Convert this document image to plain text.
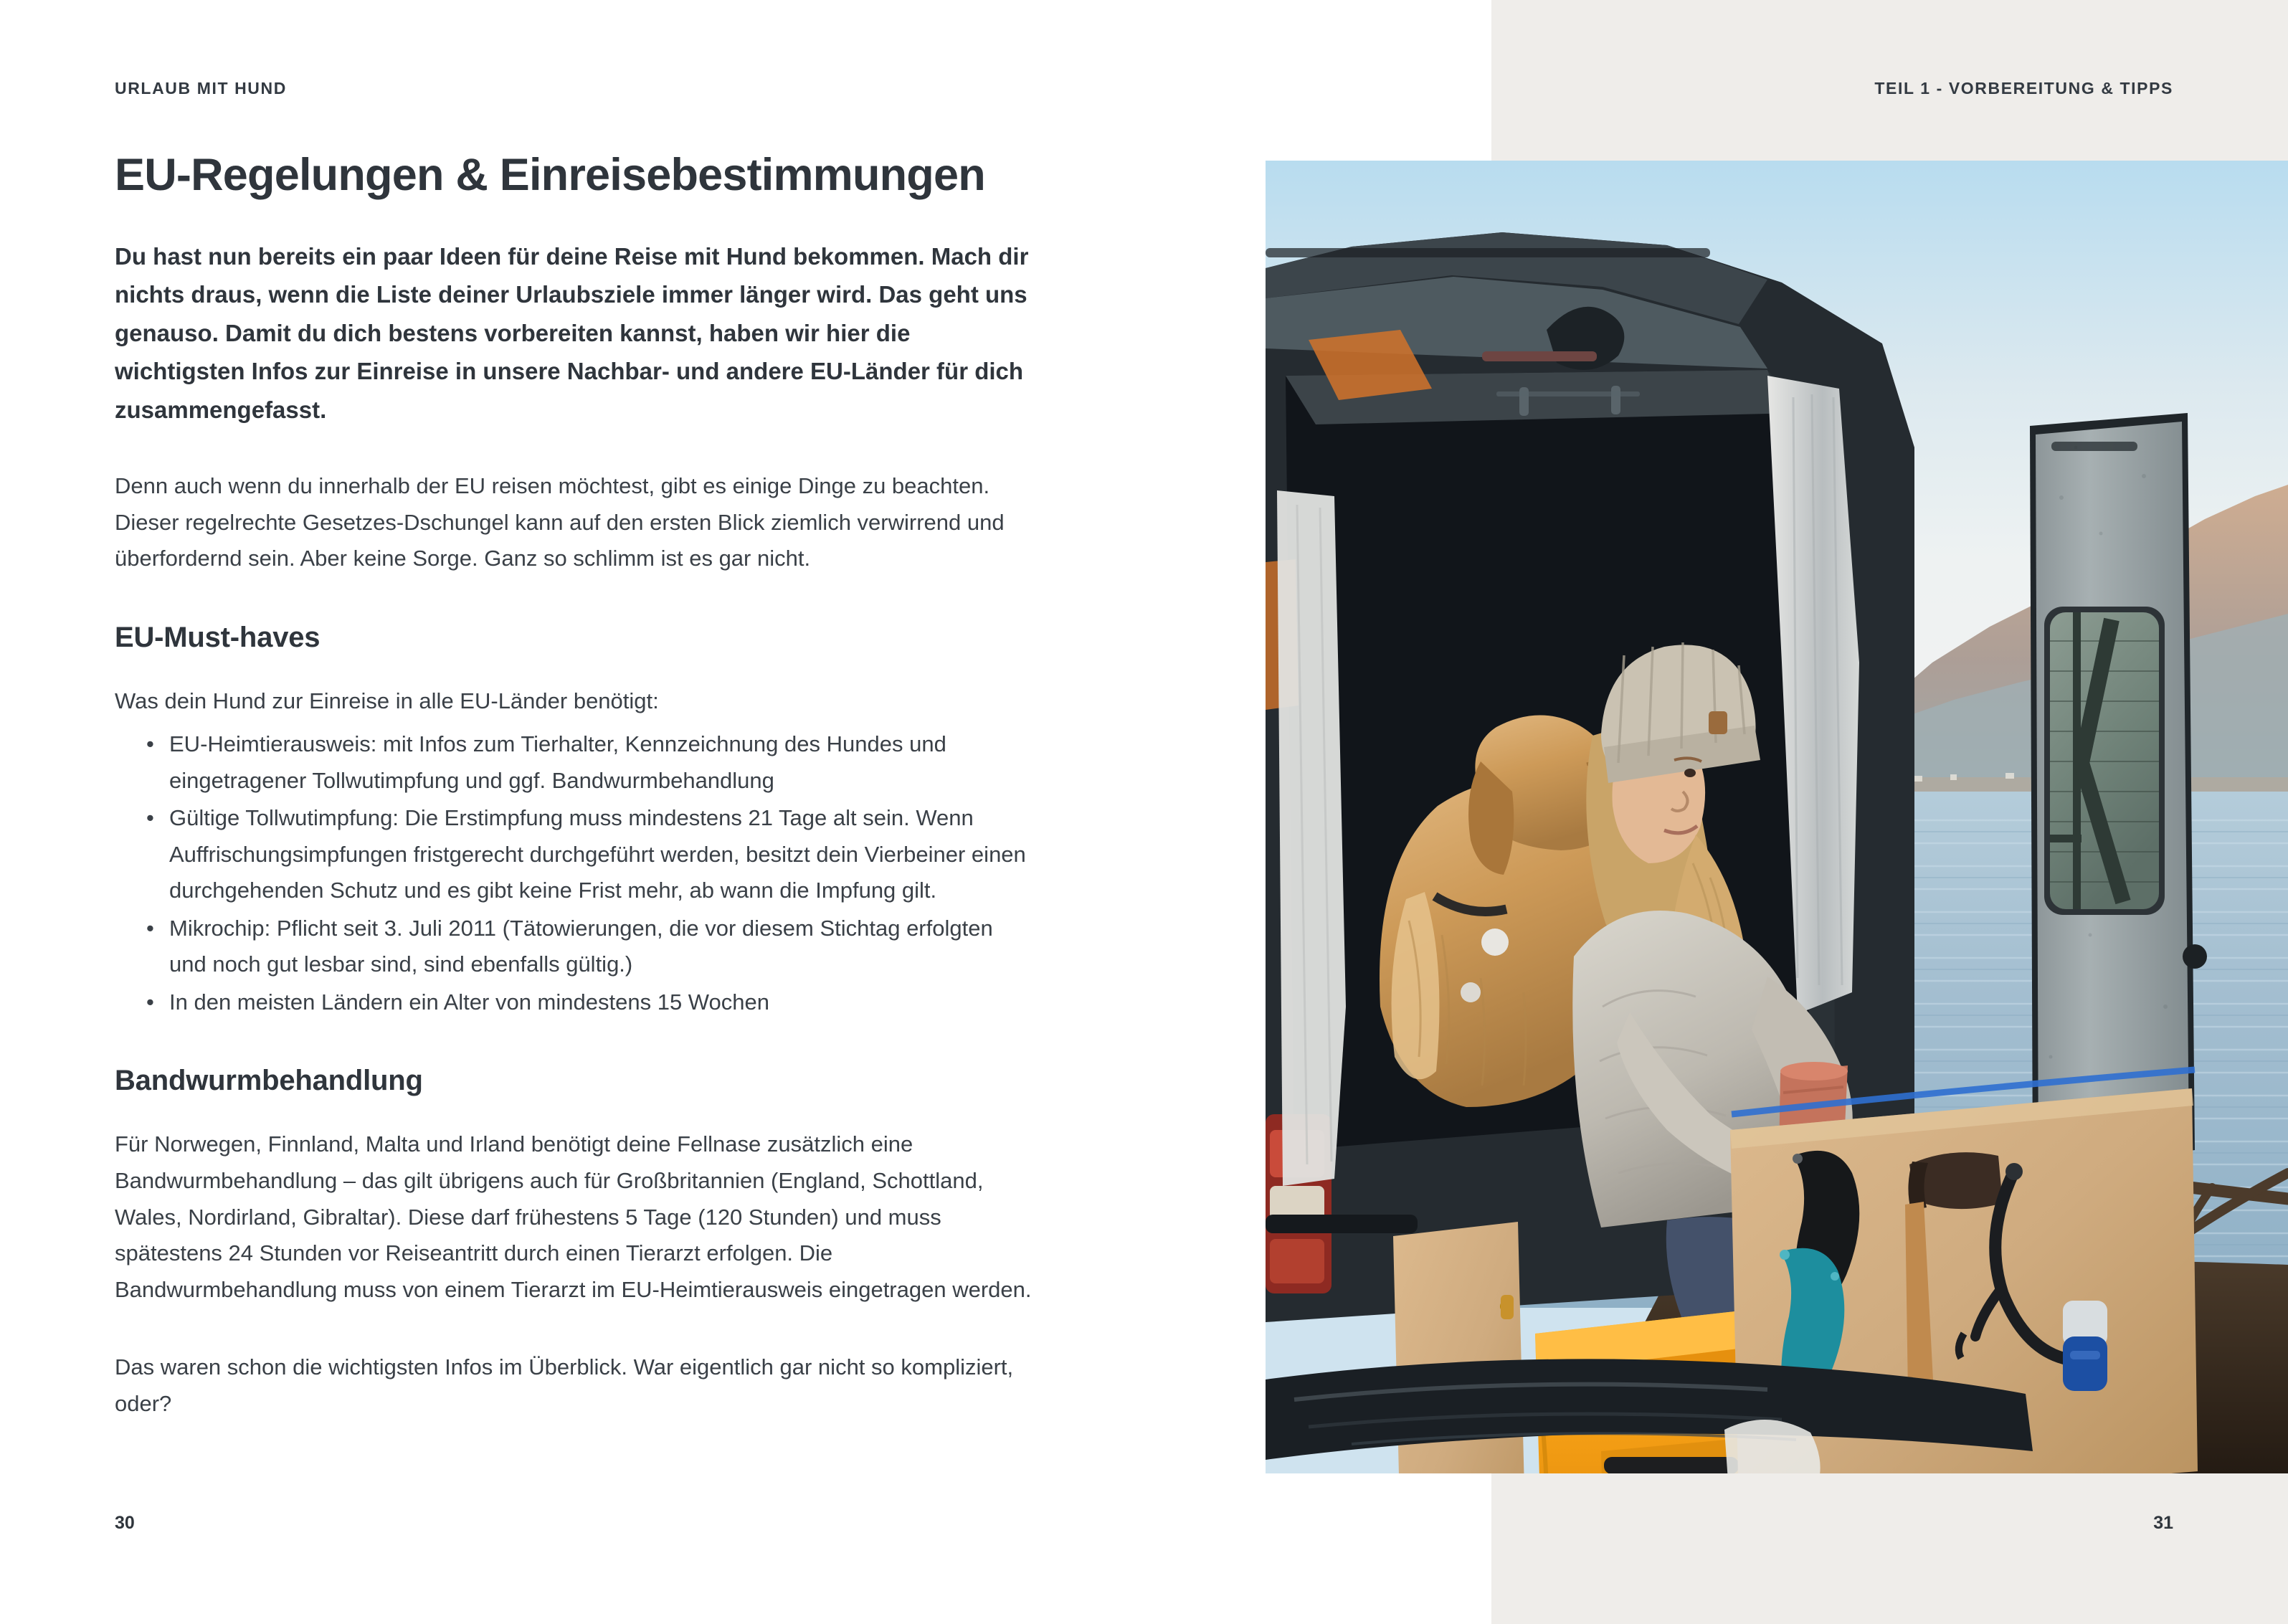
URLAUB MIT HUND	TEIL 1 - VORBEREITUNG & TIPPS
30	31
EU-Regelungen & Einreisebestimmungen

Du hast nun bereits ein paar Ideen für deine Reise mit Hund bekommen. Mach dir nichts draus, wenn die Liste deiner Urlaubsziele immer länger wird. Das geht uns genauso. Damit du dich bestens vorbereiten kannst, haben wir hier die wichtigsten Infos zur Einreise in unsere Nachbar- und andere EU-Länder für dich zusammengefasst.

Denn auch wenn du innerhalb der EU reisen möchtest, gibt es einige Dinge zu beachten. Dieser regelrechte Gesetzes-Dschungel kann auf den ersten Blick ziemlich verwirrend und überfordernd sein. Aber keine Sorge. Ganz so schlimm ist es gar nicht.

EU-Must-haves

Was dein Hund zur Einreise in alle EU-Länder benötigt:

• EU-Heimtierausweis: mit Infos zum Tierhalter, Kennzeichnung des Hundes und eingetragener Tollwutimpfung und ggf. Bandwurmbehandlung
• Gültige Tollwutimpfung: Die Erstimpfung muss mindestens 21 Tage alt sein. Wenn Auffrischungsimpfungen fristgerecht durchgeführt werden, besitzt dein Vierbeiner einen durchgehenden Schutz und es gibt keine Frist mehr, ab wann die Impfung gilt.
• Mikrochip: Pflicht seit 3. Juli 2011 (Tätowierungen, die vor diesem Stichtag erfolgten und noch gut lesbar sind, sind ebenfalls gültig.)
• In den meisten Ländern ein Alter von mindestens 15 Wochen
Bandwurmbehandlung

Für Norwegen, Finnland, Malta und Irland benötigt deine Fellnase zusätzlich eine Bandwurmbehandlung – das gilt übrigens auch für Großbritannien (England, Schottland, Wales, Nordirland, Gibraltar). Diese darf frühestens 5 Tage (120 Stunden) und muss spätestens 24 Stunden vor Reiseantritt durch einen Tierarzt erfolgen. Die Bandwurmbehandlung muss von einem Tierarzt im EU-Heimtierausweis eingetragen werden.

Das waren schon die wichtigsten Infos im Überblick. War eigentlich gar nicht so kompliziert, oder?
